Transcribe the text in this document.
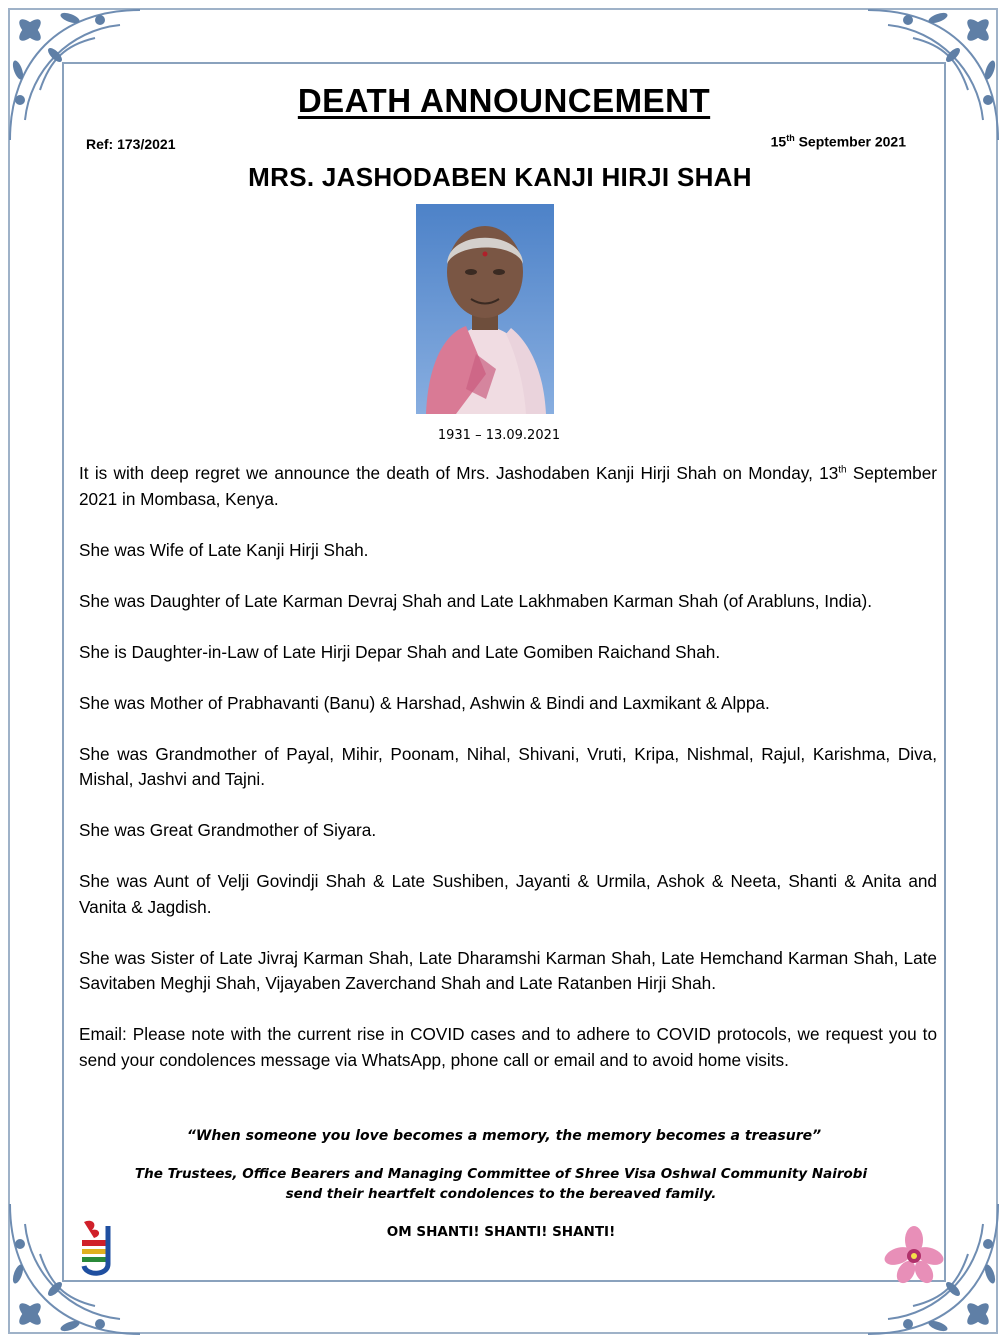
DEATH ANNOUNCEMENT
Ref: 173/2021	15th September 2021
MRS. JASHODABEN KANJI HIRJI SHAH
1931 – 13.09.2021

It is with deep regret we announce the death of Mrs. Jashodaben Kanji Hirji Shah on Monday, 13th September 2021 in Mombasa, Kenya.

She was Wife of Late Kanji Hirji Shah.

She was Daughter of Late Karman Devraj Shah and Late Lakhmaben Karman Shah (of Arabluns, India).

She is Daughter-in-Law of Late Hirji Depar Shah and Late Gomiben Raichand Shah.

She was Mother of Prabhavanti (Banu) & Harshad, Ashwin & Bindi and Laxmikant & Alppa.

She was Grandmother of Payal, Mihir, Poonam, Nihal, Shivani, Vruti, Kripa, Nishmal, Rajul, Karishma, Diva, Mishal, Jashvi and Tajni.

She was Great Grandmother of Siyara.

She was Aunt of Velji Govindji Shah & Late Sushiben, Jayanti & Urmila, Ashok & Neeta, Shanti & Anita and Vanita & Jagdish.

She was Sister of Late Jivraj Karman Shah, Late Dharamshi Karman Shah, Late Hemchand Karman Shah, Late Savitaben Meghji Shah, Vijayaben Zaverchand Shah and Late Ratanben Hirji Shah.

Email: Please note with the current rise in COVID cases and to adhere to COVID protocols, we request you to send your condolences message via WhatsApp, phone call or email and to avoid home visits.

“When someone you love becomes a memory, the memory becomes a treasure”
The Trustees, Office Bearers and Managing Committee of Shree Visa Oshwal Community Nairobi
send their heartfelt condolences to the bereaved family.
OM SHANTI! SHANTI! SHANTI!
